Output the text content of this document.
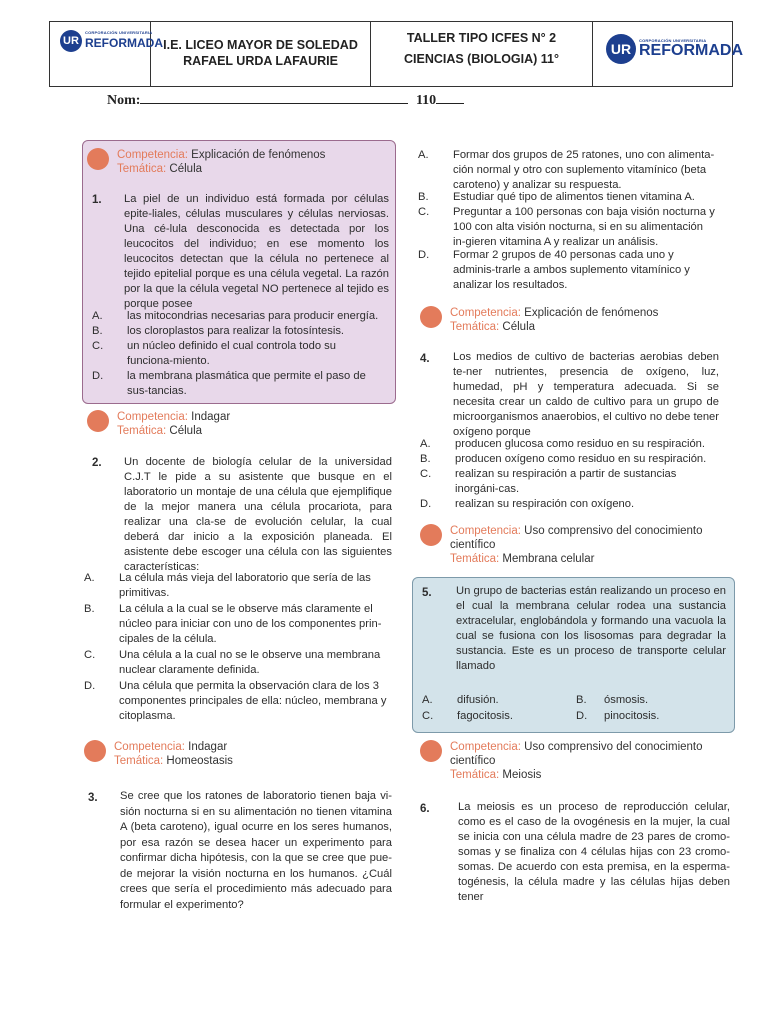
UR
CORPORACIÓN UNIVERSITARIA
REFORMADA I.E. LICEO MAYOR DE SOLEDAD RAFAEL URDA LAFAURIE
TALLER TIPO ICFES N° 2
CIENCIAS (BIOLOGIA) 11°
UR
CORPORACIÓN UNIVERSITARIA
REFORMADA
Nom:	110
Competencia: Explicación de fenómenos
Temática: Célula
1. La piel de un individuo está formada por células epite-liales, células musculares y células nerviosas. Una cé-lula desconocida es detectada por los leucocitos del individuo; en ese momento los leucocitos detectan que la célula no pertenece al tejido epitelial porque es una célula vegetal. La razón por la que la célula vegetal NO pertenece al tejido es porque posee
A. las mitocondrias necesarias para producir energía.
B. los cloroplastos para realizar la fotosíntesis.
C. un núcleo definido el cual controla todo su funciona-miento.
D. la membrana plasmática que permite el paso de sus-tancias.
Competencia: Indagar
Temática: Célula
2. Un docente de biología celular de la universidad C.J.T le pide a su asistente que busque en el laboratorio un montaje de una célula que ejemplifique de la mejor manera una célula procariota, para realizar una cla-se de evolución celular, la cual deberá dar inicio a la exposición planeada. El asistente debe escoger una célula con las siguientes características:
A. La célula más vieja del laboratorio que sería de las primitivas.
B. La célula a la cual se le observe más claramente el núcleo para iniciar con uno de los componentes prin-cipales de la célula.
C. Una célula a la cual no se le observe una membrana nuclear claramente definida.
D. Una célula que permita la observación clara de los 3 componentes principales de ella: núcleo, membrana y citoplasma.
Competencia: Indagar
Temática: Homeostasis
3. Se cree que los ratones de laboratorio tienen baja vi-sión nocturna si en su alimentación no tienen vitamina A (beta caroteno), igual ocurre en los seres humanos, por esa razón se desea hacer un experimento para confirmar dicha hipótesis, con la que se cree que pue-de mejorar la visión nocturna en los humanos. ¿Cuál crees que sería el procedimiento más adecuado para formular el experimento?
A. Formar dos grupos de 25 ratones, uno con alimenta-ción normal y otro con suplemento vitamínico (beta caroteno) y analizar su respuesta.
B. Estudiar qué tipo de alimentos tienen vitamina A.
C. Preguntar a 100 personas con baja visión nocturna y 100 con alta visión nocturna, si en su alimentación in-gieren vitamina A y realizar un análisis.
D. Formar 2 grupos de 40 personas cada uno y adminis-trarle a ambos suplemento vitamínico y analizar los resultados.
Competencia: Explicación de fenómenos
Temática: Célula
4. Los medios de cultivo de bacterias aerobias deben te-ner nutrientes, presencia de oxígeno, luz, humedad, pH y temperatura adecuada. Si se necesita crear un caldo de cultivo para un grupo de microorganismos anaerobios, el cultivo no debe tener oxígeno porque
A. producen glucosa como residuo en su respiración.
B. producen oxígeno como residuo en su respiración.
C. realizan su respiración a partir de sustancias inorgáni-cas.
D. realizan su respiración con oxígeno.
Competencia: Uso comprensivo del conocimiento científico
Temática: Membrana celular
5. Un grupo de bacterias están realizando un proceso en el cual la membrana celular rodea una sustancia extracelular, englobándola y formando una vacuola la cual se fusiona con los lisosomas para degradar la sustancia. Este es un proceso de transporte celular llamado
A. difusión.	B. ósmosis.
C. fagocitosis.	D. pinocitosis.
Competencia: Uso comprensivo del conocimiento científico
Temática: Meiosis
6.	La meiosis es un proceso de reproducción celular, como es el caso de la ovogénesis en la mujer, la cual se inicia con una célula madre de 23 pares de cromo-somas y se finaliza con 4 células hijas con 23 cromo-somas. De acuerdo con esta premisa, en la esperma-togénesis, la célula madre y las células hijas deben tener
